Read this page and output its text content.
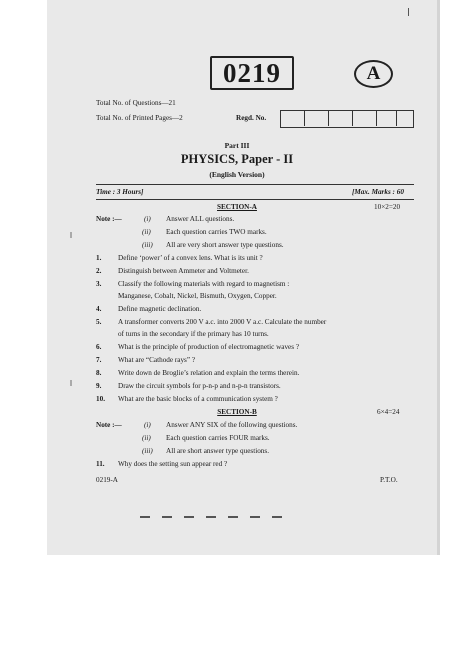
0219	A
Total No. of Questions—21
Total No. of Printed Pages—2	Regd. No.
Part III
PHYSICS, Paper - II
(English Version)
Time : 3 Hours]	[Max. Marks : 60
SECTION-A	10×2=20
Note :—	(i) Answer ALL questions.
(ii) Each question carries TWO marks.
(iii) All are very short answer type questions.
1. Define ‘power’ of a convex lens. What is its unit ?
2. Distinguish between Ammeter and Voltmeter.
3. Classify the following materials with regard to magnetism :
Manganese, Cobalt, Nickel, Bismuth, Oxygen, Copper.
4. Define magnetic declination.
5. A transformer converts 200 V a.c. into 2000 V a.c. Calculate the number
of turns in the secondary if the primary has 10 turns.
6. What is the principle of production of electromagnetic waves ?
7. What are “Cathode rays” ?
8. Write down de Broglie’s relation and explain the terms therein.
9. Draw the circuit symbols for p-n-p and n-p-n transistors.
10. What are the basic blocks of a communication system ?
SECTION-B	6×4=24
Note :—	(i) Answer ANY SIX of the following questions.
(ii) Each question carries FOUR marks.
(iii) All are short answer type questions.
11. Why does the setting sun appear red ?
0219-A	P.T.O.
